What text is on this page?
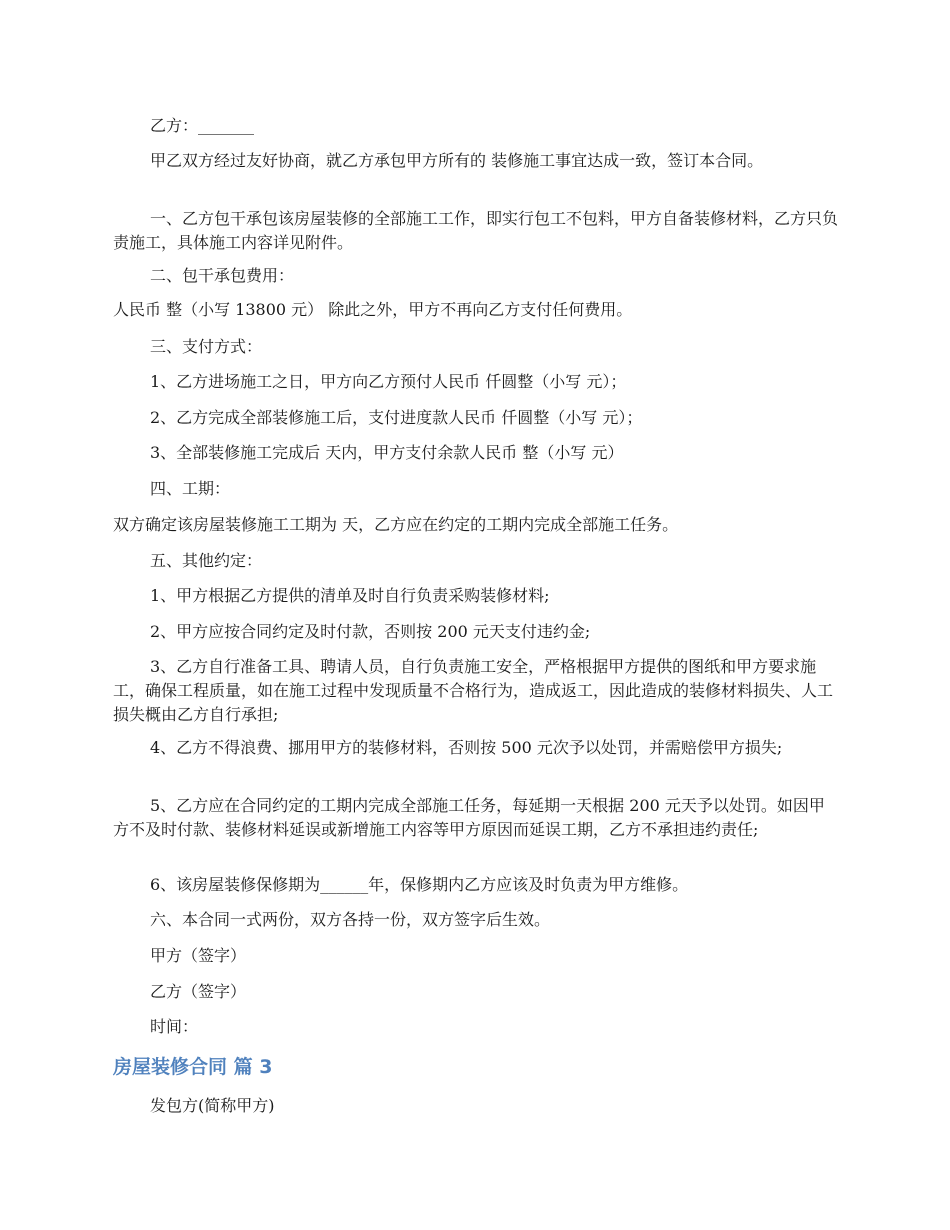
乙方：_______

甲乙双方经过友好协商，就乙方承包甲方所有的 装修施工事宜达成一致，签订本合同。

一、乙方包干承包该房屋装修的全部施工工作，即实行包工不包料，甲方自备装修材料，乙方只负责施工，具体施工内容详见附件。

二、包干承包费用：

人民币 整（小写 13800 元） 除此之外，甲方不再向乙方支付任何费用。

三、支付方式：

1、乙方进场施工之日，甲方向乙方预付人民币 仟圆整（小写 元）；

2、乙方完成全部装修施工后，支付进度款人民币 仟圆整（小写 元）；

3、全部装修施工完成后 天内，甲方支付余款人民币 整（小写 元）

四、工期：

双方确定该房屋装修施工工期为 天，乙方应在约定的工期内完成全部施工任务。

五、其他约定：

1、甲方根据乙方提供的清单及时自行负责采购装修材料;

2、甲方应按合同约定及时付款，否则按 200 元天支付违约金;

3、乙方自行准备工具、聘请人员，自行负责施工安全，严格根据甲方提供的图纸和甲方要求施工，确保工程质量，如在施工过程中发现质量不合格行为，造成返工，因此造成的装修材料损失、人工损失概由乙方自行承担;

4、乙方不得浪费、挪用甲方的装修材料，否则按 500 元次予以处罚，并需赔偿甲方损失;

5、乙方应在合同约定的工期内完成全部施工任务，每延期一天根据 200 元天予以处罚。如因甲方不及时付款、装修材料延误或新增施工内容等甲方原因而延误工期，乙方不承担违约责任;

6、该房屋装修保修期为______年，保修期内乙方应该及时负责为甲方维修。

六、本合同一式两份，双方各持一份，双方签字后生效。

甲方（签字）

乙方（签字）

时间：

房屋装修合同 篇 3

发包方(简称甲方)
